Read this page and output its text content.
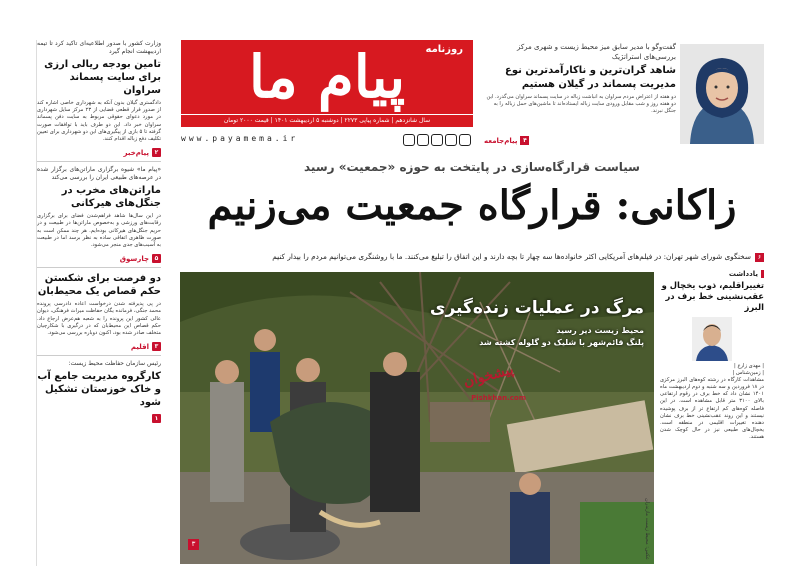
وزارت کشور با صدور اطلاعیه‌ای تاکید کرد تا تیمه اردیبهشت انجام گیرد

تامین بودجه ریالی ارزی برای سایت پسماند سراوان

دادگستری گیلان بدون آنکه به شهرداری خاصی اشاره کند از صدور قرار قطعی قضایی از ۲۳ مرکز سایل شهرداری در مورد دعوای حقوقی مربوط به سایت دفن پسماند سراوان خبر داد. این دو طرف باید با توافقات صورت گرفته تا ۵ بازی از پیگیری‌های این دو شهرداری برای تعیین تکلیف دفع زباله اقدام کنند.

۲
پیام‌خبر

«پیام ما» شیوه برگزاری ماراتن‌های برگزار شده در عرصه‌های طبیعی ایران را بررسی می‌کند

ماراتن‌های مخرب در جنگل‌های هیرکانی

در این سال‌ها شاهد فراهم‌شدن فضای برای برگزاری رقابت‌های ورزشی و به‌خصوص ماراتن‌ها در طبیعت و در حریم جنگل‌های هیرکانی بوده‌ایم. هر چند ممکن است به صورت ظاهری اتفاقی ساده به نظر برسد اما در طبیعت به آسیب‌های جدی منجر می‌شود.

۵
چارسوق
دو فرصت برای شکستن حکم قصاص یک محیط‌بان

در پی پذیرفته شدن درخواست اعاده دادرسی پرونده محمد جنگی، فرمانده یگان حفاظت میراث فرهنگی، دیوان عالی کشور این پرونده را به شعبه هم‌عرض ارجاع داد. حکم قصاص این محیط‌بان که در درگیری با شکارچیان متخلف صادر شده بود، اکنون دوباره بررسی می‌شود.

۳
اقلیم

رئیس سازمان حفاظت محیط زیست:

کارگروه مدیریت جامع آب و خاک خوزستان تشکیل شود
۱
روزنامه
پیام ما
سال شانزدهم | شماره پیاپی ۲۲۷۳ | دوشنبه ۵ اردیبهشت ۱۴۰۱ | قیمت ۲۰۰۰ تومان
www.payamema.ir

گفت‌وگو با مدیر سابق میز محیط زیست و شهری مرکز بررسی‌های استراتژیک

شاهد گران‌ترین و ناکارآمدترین نوع مدیریت پسماند در گیلان هستیم

دو هفته از اعتراض مردم سراوان به انباشت زباله در سایت پسماند سراوان می‌گذرد. این دو هفته روز و شب مقابل ورودی سایت زباله ایستاده‌اند تا ماشین‌های حمل زباله را به جنگل نبرند.

۴
پیام‌جامعه
سیاست قرارگاه‌سازی در پایتخت به حوزه «جمعیت» رسید
زاکانی: قرارگاه جمعیت می‌زنیم
۶
سخنگوی شورای شهر تهران: در فیلم‌های آمریکایی اکثر خانواده‌ها سه چهار تا بچه دارند و این اتفاق را تبلیغ می‌کنند. ما با روشنگری می‌توانیم مردم را بیدار کنیم
مرگ در عملیات زنده‌گیری
محیط زیست دیر رسید
پلنگ قائم‌شهر با شلیک دو گلوله کشته شد
پیشخوان
Pishkhan.com
۳	عکس: محیط زیست مازندران
یادداشت
تغییراقلیم، ذوب یخچال و عقب‌نشینی خط برف در البرز

| مهدی زارع |

| زمین‌شناس |

مشاهدات کارگاه در رشته کوه‌های البرز مرکزی در ۱۸ فروردین و سه شنبه و دوم اردیبهشت ماه ۱۴۰۱ نشان داد که خط برف در رقوم ارتفاعی بالای ۳۱۰۰ متر قابل مشاهده است. در این فاصله کوه‌های کم ارتفاع تر از برف پوشیده نیستند و این روند عقب‌نشینی خط برف نشان دهنده تغییرات اقلیمی در منطقه است. یخچال‌های طبیعی نیز در حال کوچک شدن هستند.
